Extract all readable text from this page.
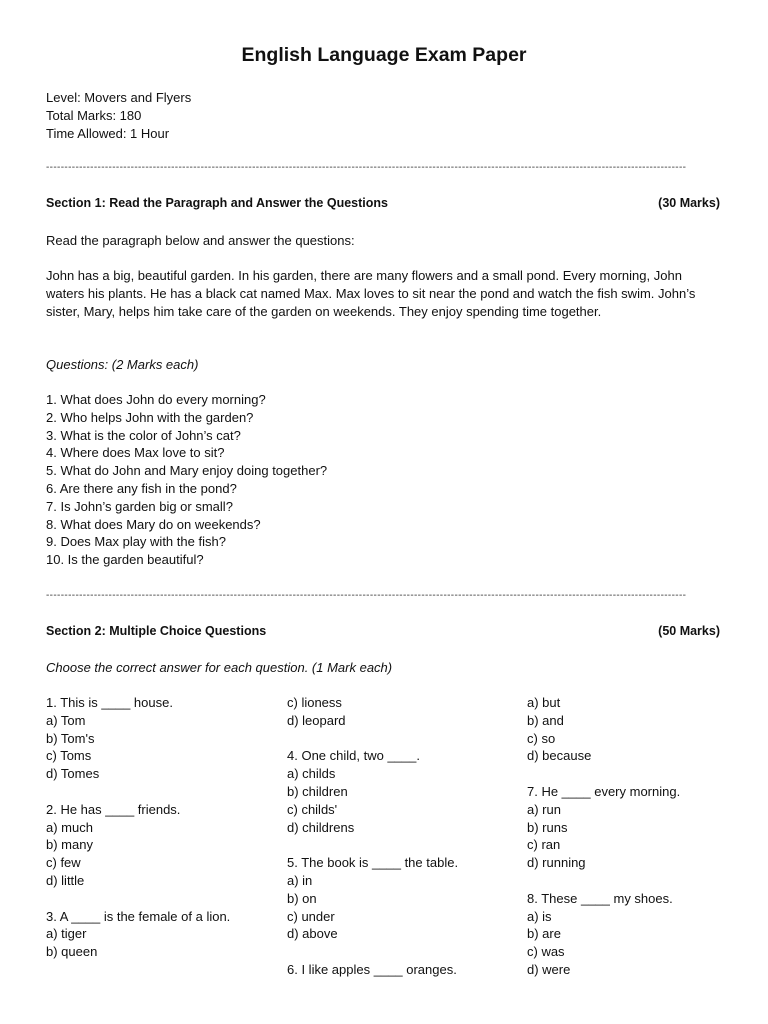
English Language Exam Paper
Level: Movers and Flyers
Total Marks: 180
Time Allowed: 1 Hour
------------------------------------------------------------------------------------------------------------------------------------------------------------------------------
Section 1: Read the Paragraph and Answer the Questions	(30 Marks)
Read the paragraph below and answer the questions:
John has a big, beautiful garden. In his garden, there are many flowers and a small pond. Every morning, John waters his plants. He has a black cat named Max. Max loves to sit near the pond and watch the fish swim. John’s sister, Mary, helps him take care of the garden on weekends. They enjoy spending time together.
Questions: (2 Marks each)
1. What does John do every morning?
2. Who helps John with the garden?
3. What is the color of John’s cat?
4. Where does Max love to sit?
5. What do John and Mary enjoy doing together?
6. Are there any fish in the pond?
7. Is John’s garden big or small?
8. What does Mary do on weekends?
9. Does Max play with the fish?
10. Is the garden beautiful?
------------------------------------------------------------------------------------------------------------------------------------------------------------------------------
Section 2: Multiple Choice Questions	(50 Marks)
Choose the correct answer for each question. (1 Mark each)
1. This is ____ house.
a) Tom
b) Tom's
c) Toms
d) Tomes
2. He has ____ friends.
a) much
b) many
c) few
d) little
3. A ____ is the female of a lion.
a) tiger
b) queen
c) lioness
d) leopard
4. One child, two ____.
a) childs
b) children
c) childs'
d) childrens
5. The book is ____ the table.
a) in
b) on
c) under
d) above
6. I like apples ____ oranges.
a) but
b) and
c) so
d) because
7. He ____ every morning.
a) run
b) runs
c) ran
d) running
8. These ____ my shoes.
a) is
b) are
c) was
d) were
